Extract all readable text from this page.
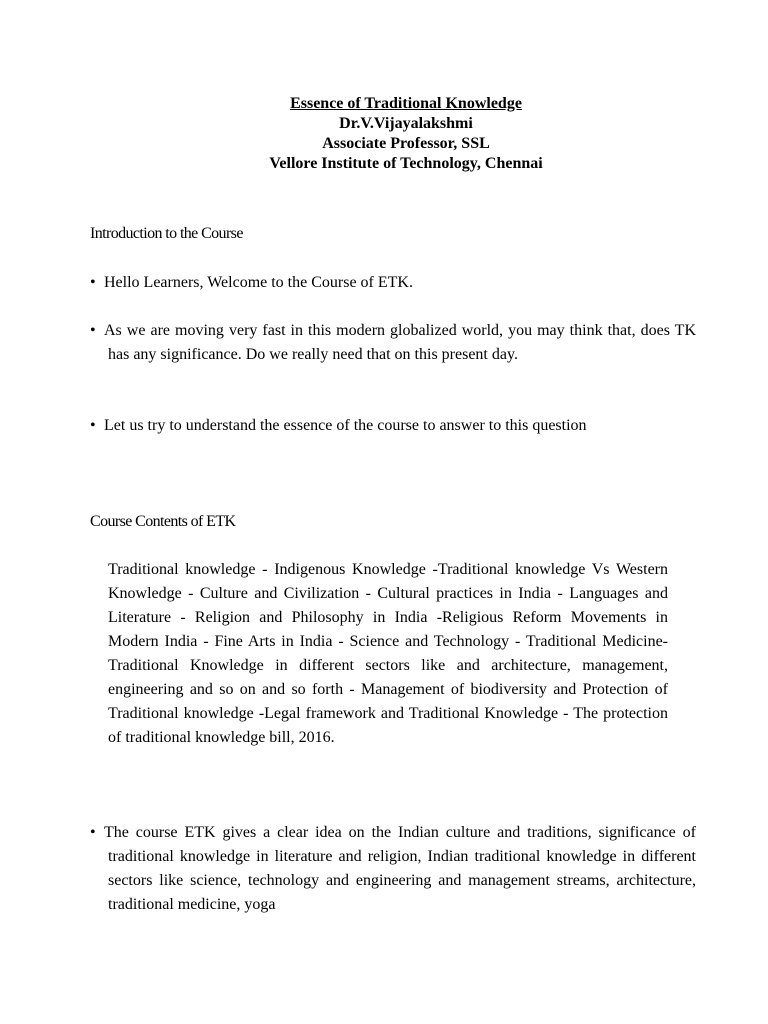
Essence of Traditional Knowledge
Dr.V.Vijayalakshmi
Associate Professor, SSL
Vellore Institute of Technology, Chennai
Introduction to the Course
• Hello Learners, Welcome to the Course of ETK.
• As we are moving very fast in this modern globalized world, you may think that, does TK has any significance. Do we really need that on this present day.
• Let us try to understand the essence of the course to answer to this question
Course Contents of ETK
Traditional knowledge - Indigenous Knowledge -Traditional knowledge Vs Western Knowledge - Culture and Civilization - Cultural practices in India - Languages and Literature - Religion and Philosophy in India -Religious Reform Movements in Modern India - Fine Arts in India - Science and Technology - Traditional Medicine-Traditional Knowledge in different sectors like and architecture, management, engineering and so on and so forth - Management of biodiversity and Protection of Traditional knowledge -Legal framework and Traditional Knowledge - The protection of traditional knowledge bill, 2016.
• The course ETK gives a clear idea on the Indian culture and traditions, significance of traditional knowledge in literature and religion, Indian traditional knowledge in different sectors like science, technology and engineering and management streams, architecture, traditional medicine, yoga
